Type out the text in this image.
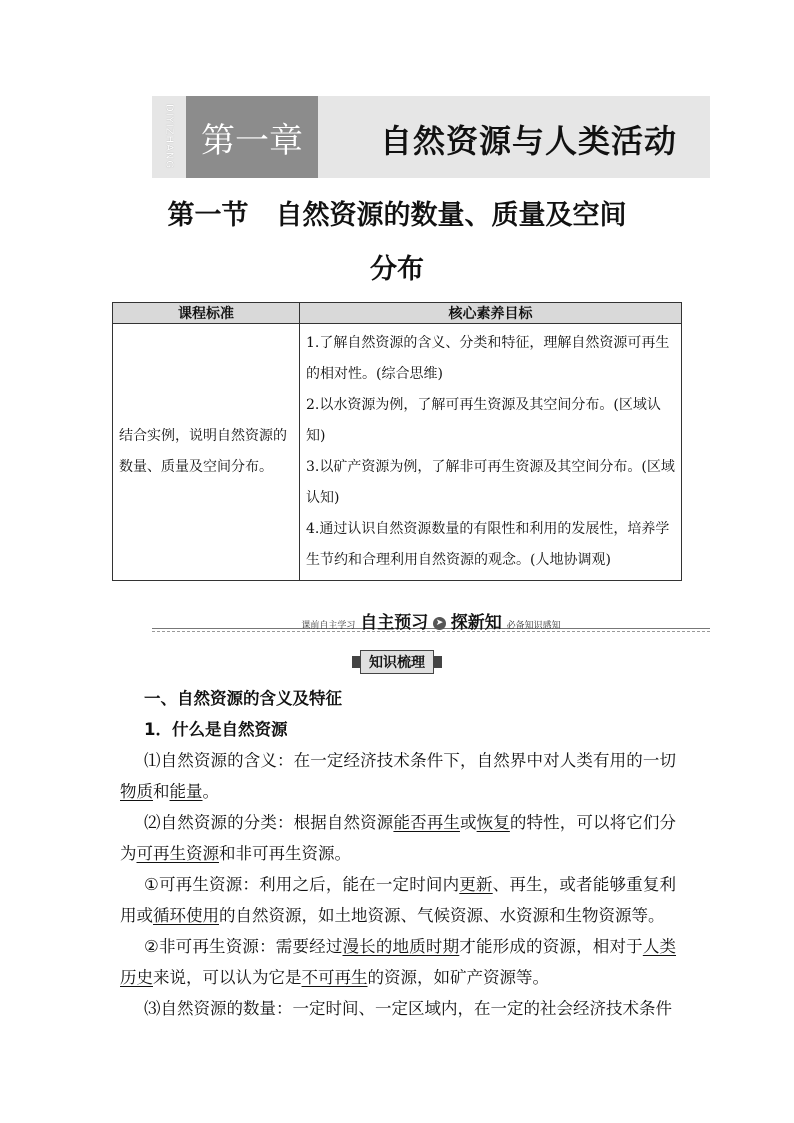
DIYIZHANG 第一章	自然资源与人类活动
第一节　自然资源的数量、质量及空间
分布
课程标准	核心素养目标
结合实例，说明自然资源的数量、质量及空间分布。	1.了解自然资源的含义、分类和特征，理解自然资源可再生的相对性。(综合思维)
2.以水资源为例，了解可再生资源及其空间分布。(区域认知)
3.以矿产资源为例，了解非可再生资源及其空间分布。(区域认知)
4.通过认识自然资源数量的有限性和利用的发展性，培养学生节约和合理利用自然资源的观念。(人地协调观)
课前自主学习 自主预习 ➤ 探新知 必备知识感知
知识梳理

一、自然资源的含义及特征

1．什么是自然资源

⑴自然资源的含义：在一定经济技术条件下，自然界中对人类有用的一切物质和能量。

⑵自然资源的分类：根据自然资源能否再生或恢复的特性，可以将它们分为可再生资源和非可再生资源。

①可再生资源：利用之后，能在一定时间内更新、再生，或者能够重复利用或循环使用的自然资源，如土地资源、气候资源、水资源和生物资源等。

②非可再生资源：需要经过漫长的地质时期才能形成的资源，相对于人类历史来说，可以认为它是不可再生的资源，如矿产资源等。

⑶自然资源的数量：一定时间、一定区域内，在一定的社会经济技术条件
